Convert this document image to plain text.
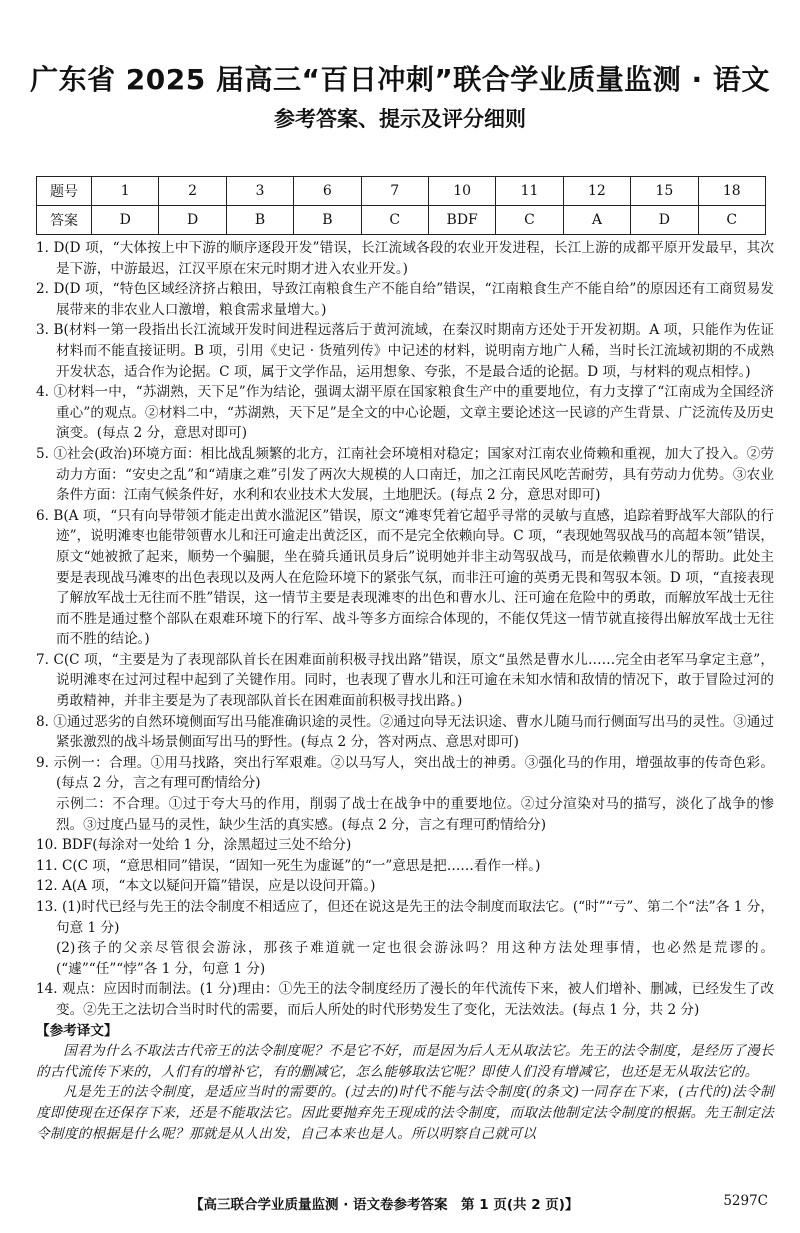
广东省 2025 届高三“百日冲刺”联合学业质量监测 · 语文
参考答案、提示及评分细则
题号	1	2	3	6	7	10	11	12	15	18
答案	D	D	B	B	C	BDF	C	A	D	C

1. D(D 项，“大体按上中下游的顺序逐段开发”错误，长江流域各段的农业开发进程，长江上游的成都平原开发最早，其次是下游，中游最迟，江汉平原在宋元时期才进入农业开发。)

2. D(D 项，“特色区域经济挤占粮田，导致江南粮食生产不能自给”错误，“江南粮食生产不能自给”的原因还有工商贸易发展带来的非农业人口激增，粮食需求量增大。)

3. B(材料一第一段指出长江流域开发时间进程远落后于黄河流域，在秦汉时期南方还处于开发初期。A 项，只能作为佐证材料而不能直接证明。B 项，引用《史记 · 货殖列传》中记述的材料，说明南方地广人稀，当时长江流域初期的不成熟开发状态，适合作为论据。C 项，属于文学作品，运用想象、夸张，不是最合适的论据。D 项，与材料的观点相悖。)

4. ①材料一中，“苏湖熟，天下足”作为结论，强调太湖平原在国家粮食生产中的重要地位，有力支撑了“江南成为全国经济重心”的观点。②材料二中，“苏湖熟，天下足”是全文的中心论题，文章主要论述这一民谚的产生背景、广泛流传及历史演变。(每点 2 分，意思对即可)

5. ①社会(政治)环境方面：相比战乱频繁的北方，江南社会环境相对稳定；国家对江南农业倚赖和重视，加大了投入。②劳动力方面：“安史之乱”和“靖康之难”引发了两次大规模的人口南迁，加之江南民风吃苦耐劳，具有劳动力优势。③农业条件方面：江南气候条件好，水利和农业技术大发展，土地肥沃。(每点 2 分，意思对即可)

6. B(A 项，“只有向导带领才能走出黄水滥泥区”错误，原文“滩枣凭着它超乎寻常的灵敏与直感，追踪着野战军大部队的行迹”，说明滩枣也能带领曹水儿和汪可逾走出黄泛区，而不是完全依赖向导。C 项，“表现她驾驭战马的高超本领”错误，原文“她被掀了起来，顺势一个骗腿，坐在骑兵通讯员身后”说明她并非主动驾驭战马，而是依赖曹水儿的帮助。此处主要是表现战马滩枣的出色表现以及两人在危险环境下的紧张气氛，而非汪可逾的英勇无畏和驾驭本领。D 项，“直接表现了解放军战士无往而不胜”错误，这一情节主要是表现滩枣的出色和曹水儿、汪可逾在危险中的勇敢，而解放军战士无往而不胜是通过整个部队在艰难环境下的行军、战斗等多方面综合体现的，不能仅凭这一情节就直接得出解放军战士无往而不胜的结论。)

7. C(C 项，“主要是为了表现部队首长在困难面前积极寻找出路”错误，原文“虽然是曹水儿……完全由老军马拿定主意”，说明滩枣在过河过程中起到了关键作用。同时，也表现了曹水儿和汪可逾在未知水情和敌情的情况下，敢于冒险过河的勇敢精神，并非主要是为了表现部队首长在困难面前积极寻找出路。)

8. ①通过恶劣的自然环境侧面写出马能准确识途的灵性。②通过向导无法识途、曹水儿随马而行侧面写出马的灵性。③通过紧张激烈的战斗场景侧面写出马的野性。(每点 2 分，答对两点、意思对即可)

9. 示例一：合理。①用马找路，突出行军艰难。②以马写人，突出战士的神勇。③强化马的作用，增强故事的传奇色彩。(每点 2 分，言之有理可酌情给分)

示例二：不合理。①过于夸大马的作用，削弱了战士在战争中的重要地位。②过分渲染对马的描写，淡化了战争的惨烈。③过度凸显马的灵性，缺少生活的真实感。(每点 2 分，言之有理可酌情给分)

10. BDF(每涂对一处给 1 分，涂黑超过三处不给分)

11. C(C 项，“意思相同”错误，“固知一死生为虚诞”的“一”意思是把……看作一样。)

12. A(A 项，“本文以疑问开篇”错误，应是以设问开篇。)

13. (1)时代已经与先王的法令制度不相适应了，但还在说这是先王的法令制度而取法它。(“时”“亏”、第二个“法”各 1 分，句意 1 分)

(2)孩子的父亲尽管很会游泳，那孩子难道就一定也很会游泳吗？用这种方法处理事情，也必然是荒谬的。(“遽”“任”“悖”各 1 分，句意 1 分)

14. 观点：应因时而制法。(1 分)理由：①先王的法令制度经历了漫长的年代流传下来，被人们增补、删减，已经发生了改变。②先王之法切合当时时代的需要，而后人所处的时代形势发生了变化，无法效法。(每点 1 分，共 2 分)

【参考译文】

国君为什么不取法古代帝王的法令制度呢？不是它不好，而是因为后人无从取法它。先王的法令制度，是经历了漫长的古代流传下来的，人们有的增补它，有的删减它，怎么能够取法它呢？即使人们没有增减它，也还是无从取法它的。

凡是先王的法令制度，是适应当时的需要的。(过去的)时代不能与法令制度(的条文)一同存在下来，(古代的)法令制度即使现在还保存下来，还是不能取法它。因此要抛弃先王现成的法令制度，而取法他制定法令制度的根据。先王制定法令制度的根据是什么呢？那就是从人出发，自己本来也是人。所以明察自己就可以

【高三联合学业质量监测 · 语文卷参考答案　第 1 页(共 2 页)】	5297C
